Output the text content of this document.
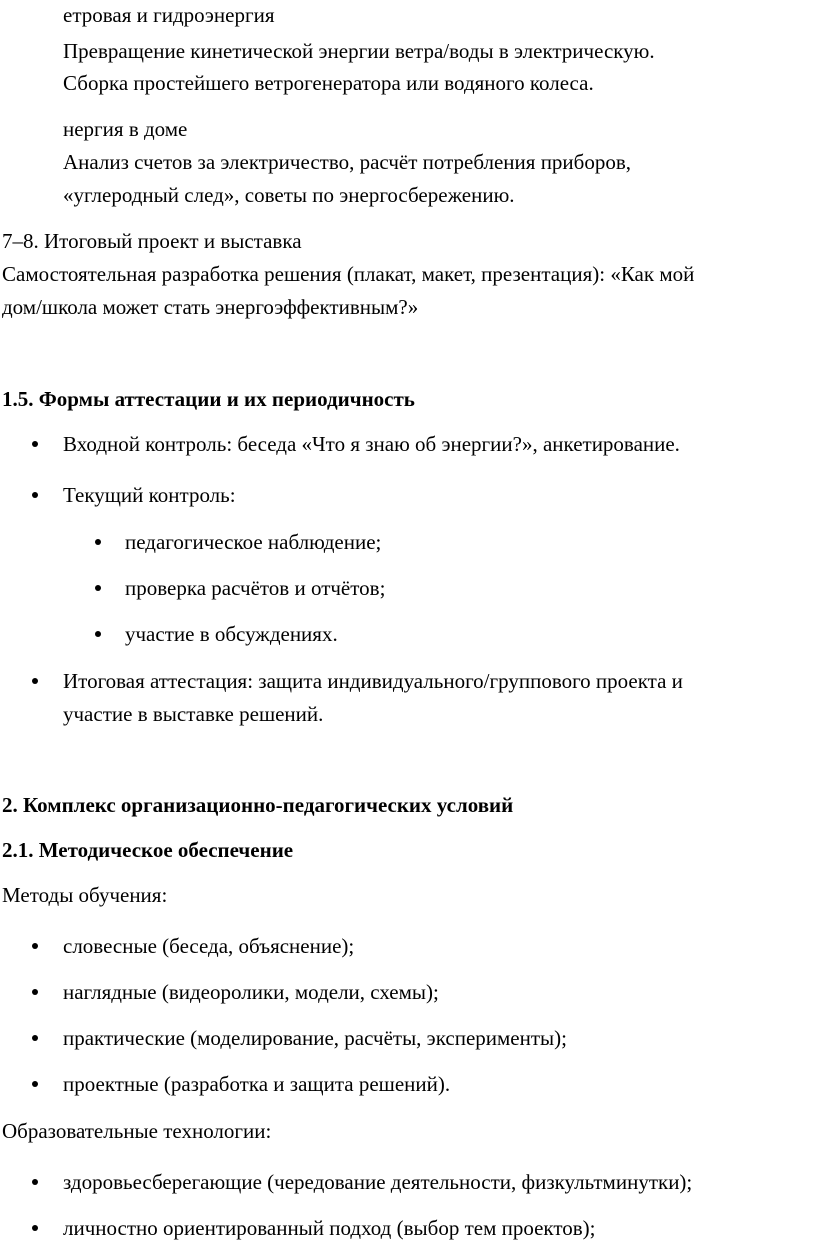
етровая и гидроэнергия

Превращение кинетической энергии ветра/воды в электрическую.

Сборка простейшего ветрогенератора или водяного колеса.

нергия в доме

Анализ счетов за электричество, расчёт потребления приборов,

«углеродный след», советы по энергосбережению.

7–8. Итоговый проект и выставка

Самостоятельная разработка решения (плакат, макет, презентация): «Как мой

дом/школа может стать энергоэффективным?»

1.5. Формы аттестации и их периодичность

Входной контроль: беседа «Что я знаю об энергии?», анкетирование.

Текущий контроль:

педагогическое наблюдение;

проверка расчётов и отчётов;

участие в обсуждениях.

Итоговая аттестация: защита индивидуального/группового проекта и

участие в выставке решений.

2. Комплекс организационно-педагогических условий

2.1. Методическое обеспечение

Методы обучения:

словесные (беседа, объяснение);

наглядные (видеоролики, модели, схемы);

практические (моделирование, расчёты, эксперименты);

проектные (разработка и защита решений).

Образовательные технологии:

здоровьесберегающие (чередование деятельности, физкультминутки);

личностно ориентированный подход (выбор тем проектов);
